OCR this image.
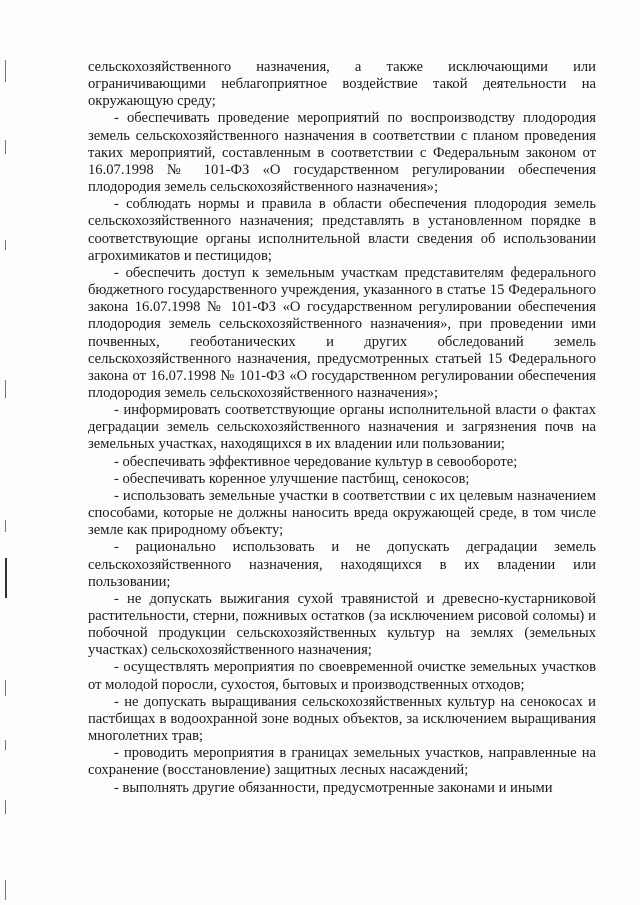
сельскохозяйственного назначения, а также исключающими или ограничивающими неблагоприятное воздействие такой деятельности на окружающую среду;

- обеспечивать проведение мероприятий по воспроизводству плодородия земель сельскохозяйственного назначения в соответствии с планом проведения таких мероприятий, составленным в соответствии с Федеральным законом от 16.07.1998 № 101-ФЗ «О государственном регулировании обеспечения плодородия земель сельскохозяйственного назначения»;

- соблюдать нормы и правила в области обеспечения плодородия земель сельскохозяйственного назначения; представлять в установленном порядке в соответствующие органы исполнительной власти сведения об использовании агрохимикатов и пестицидов;

- обеспечить доступ к земельным участкам представителям федерального бюджетного государственного учреждения, указанного в статье 15 Федерального закона 16.07.1998 № 101-ФЗ «О государственном регулировании обеспечения плодородия земель сельскохозяйственного назначения», при проведении ими почвенных, геоботанических и других обследований земель сельскохозяйственного назначения, предусмотренных статьей 15 Федерального закона от 16.07.1998 № 101-ФЗ «О государственном регулировании обеспечения плодородия земель сельскохозяйственного назначения»;

- информировать соответствующие органы исполнительной власти о фактах деградации земель сельскохозяйственного назначения и загрязнения почв на земельных участках, находящихся в их владении или пользовании;

- обеспечивать эффективное чередование культур в севообороте;

- обеспечивать коренное улучшение пастбищ, сенокосов;

- использовать земельные участки в соответствии с их целевым назначением способами, которые не должны наносить вреда окружающей среде, в том числе земле как природному объекту;

- рационально использовать и не допускать деградации земель сельскохозяйственного назначения, находящихся в их владении или пользовании;

- не допускать выжигания сухой травянистой и древесно-кустарниковой растительности, стерни, пожнивых остатков (за исключением рисовой соломы) и побочной продукции сельскохозяйственных культур на землях (земельных участках) сельскохозяйственного назначения;

- осуществлять мероприятия по своевременной очистке земельных участков от молодой поросли, сухостоя, бытовых и производственных отходов;

- не допускать выращивания сельскохозяйственных культур на сенокосах и пастбищах в водоохранной зоне водных объектов, за исключением выращивания многолетних трав;

- проводить мероприятия в границах земельных участков, направленные на сохранение (восстановление) защитных лесных насаждений;

- выполнять другие обязанности, предусмотренные законами и иными
